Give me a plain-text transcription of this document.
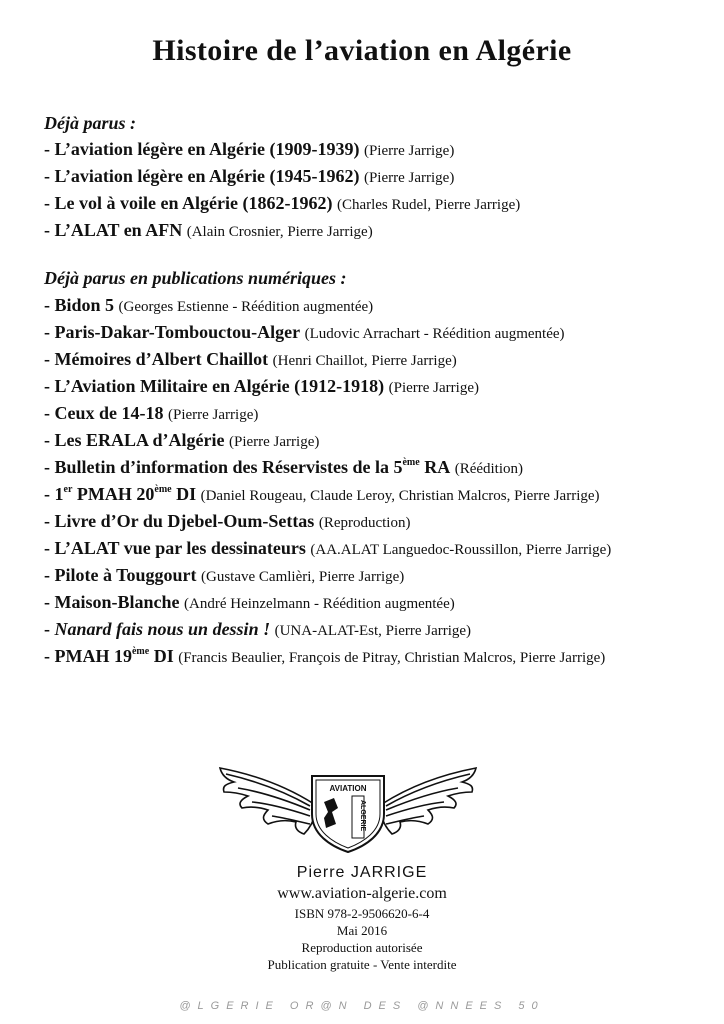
Histoire de l’aviation en Algérie
Déjà parus :
- L’aviation légère en Algérie (1909-1939) (Pierre Jarrige)
- L’aviation légère en Algérie (1945-1962) (Pierre Jarrige)
- Le vol à voile en Algérie (1862-1962) (Charles Rudel, Pierre Jarrige)
- L’ALAT en AFN (Alain Crosnier, Pierre Jarrige)
Déjà parus en publications numériques :
- Bidon 5 (Georges Estienne - Réédition augmentée)
- Paris-Dakar-Tombouctou-Alger (Ludovic Arrachart - Réédition augmentée)
- Mémoires d’Albert Chaillot (Henri Chaillot, Pierre Jarrige)
- L’Aviation Militaire en Algérie (1912-1918) (Pierre Jarrige)
- Ceux de 14-18 (Pierre Jarrige)
- Les ERALA d’Algérie (Pierre Jarrige)
- Bulletin d’information des Réservistes de la 5ème RA (Réédition)
- 1er PMAH 20ème DI (Daniel Rougeau, Claude Leroy, Christian Malcros, Pierre Jarrige)
- Livre d’Or du Djebel-Oum-Settas (Reproduction)
- L’ALAT vue par les dessinateurs (AA.ALAT Languedoc-Roussillon, Pierre Jarrige)
- Pilote à Touggourt (Gustave Camlièri, Pierre Jarrige)
- Maison-Blanche (André Heinzelmann - Réédition augmentée)
- Nanard fais nous un dessin ! (UNA-ALAT-Est, Pierre Jarrige)
- PMAH 19ème DI (Francis Beaulier, François de Pitray, Christian Malcros, Pierre Jarrige)
AVIATION
ALGERIE
Pierre JARRIGE
www.aviation-algerie.com
ISBN 978-2-9506620-6-4
Mai 2016
Reproduction autorisée
Publication gratuite - Vente interdite
@LGERIE OR@N DES @NNEES 50
